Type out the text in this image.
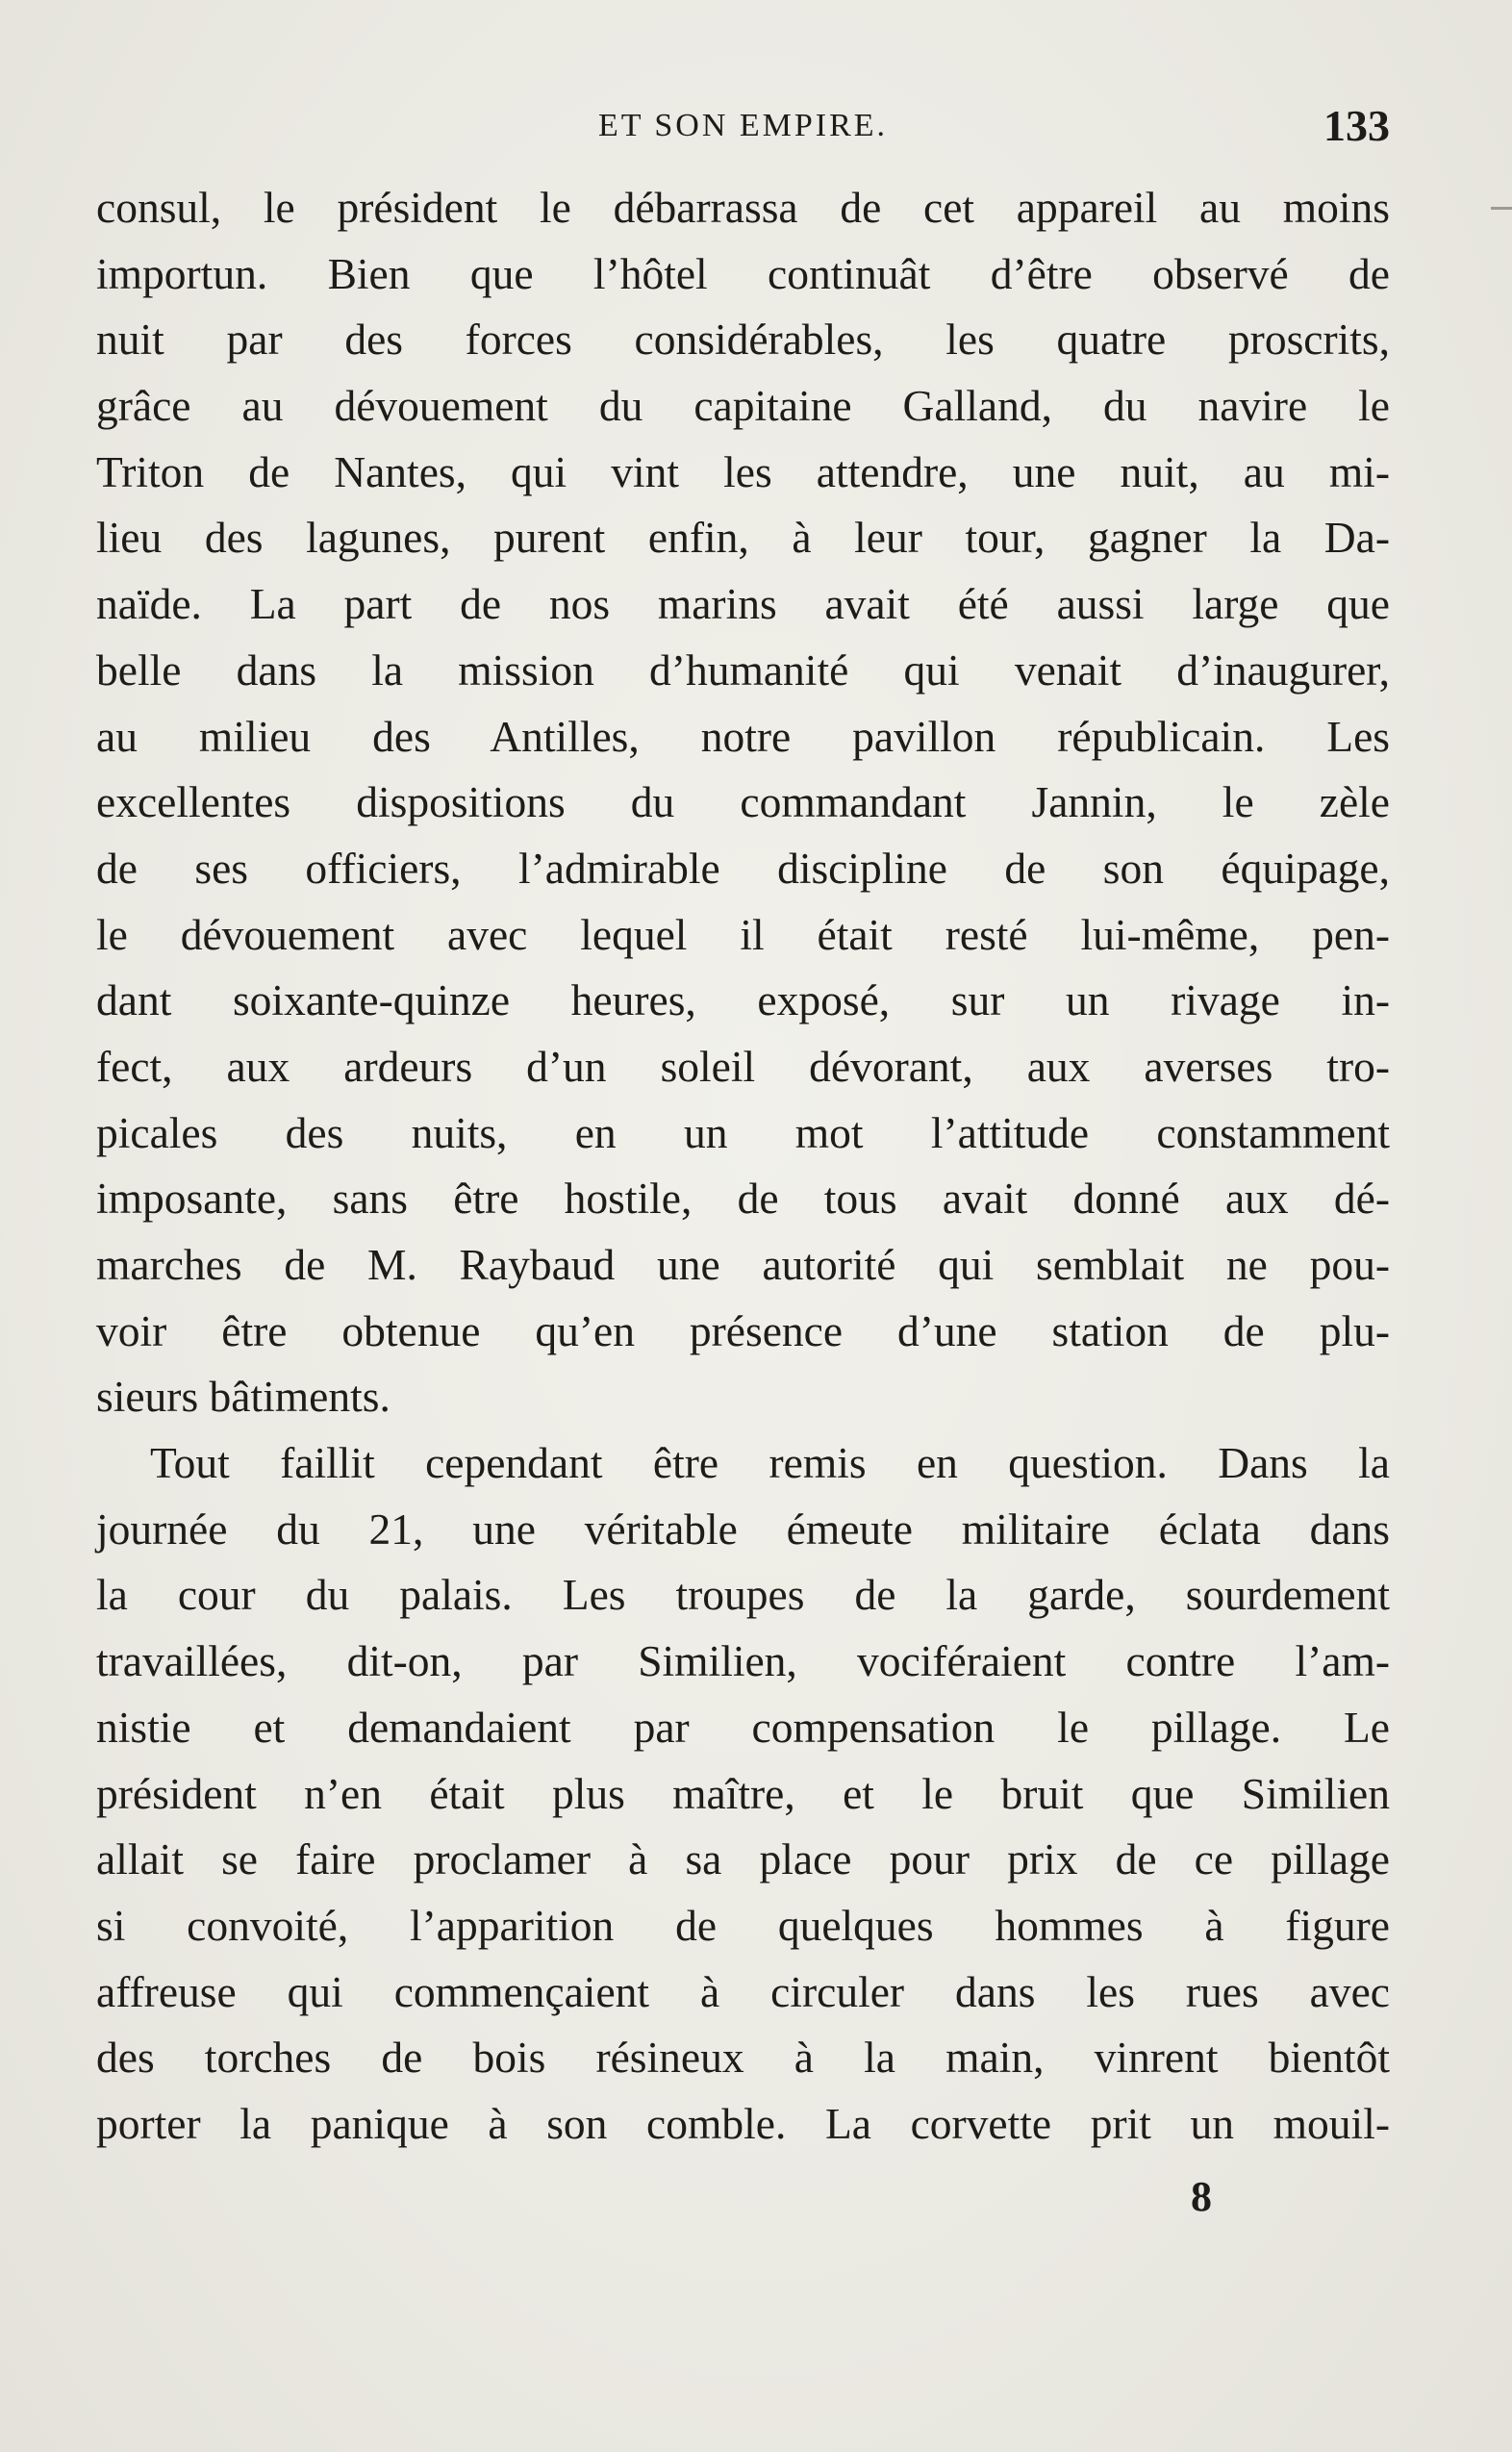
ET SON EMPIRE.	133
consul, le président le débarrassa de cet appareil au moins
importun. Bien que l’hôtel continuât d’être observé de
nuit par des forces considérables, les quatre proscrits,
grâce au dévouement du capitaine Galland, du navire le
Triton de Nantes, qui vint les attendre, une nuit, au mi-
lieu des lagunes, purent enfin, à leur tour, gagner la Da-
naïde. La part de nos marins avait été aussi large que
belle dans la mission d’humanité qui venait d’inaugurer,
au milieu des Antilles, notre pavillon républicain. Les
excellentes dispositions du commandant Jannin, le zèle
de ses officiers, l’admirable discipline de son équipage,
le dévouement avec lequel il était resté lui-même, pen-
dant soixante-quinze heures, exposé, sur un rivage in-
fect, aux ardeurs d’un soleil dévorant, aux averses tro-
picales des nuits, en un mot l’attitude constamment
imposante, sans être hostile, de tous avait donné aux dé-
marches de M. Raybaud une autorité qui semblait ne pou-
voir être obtenue qu’en présence d’une station de plu-
sieurs bâtiments.
Tout faillit cependant être remis en question. Dans la
journée du 21, une véritable émeute militaire éclata dans
la cour du palais. Les troupes de la garde, sourdement
travaillées, dit-on, par Similien, vociféraient contre l’am-
nistie et demandaient par compensation le pillage. Le
président n’en était plus maître, et le bruit que Similien
allait se faire proclamer à sa place pour prix de ce pillage
si convoité, l’apparition de quelques hommes à figure
affreuse qui commençaient à circuler dans les rues avec
des torches de bois résineux à la main, vinrent bientôt
porter la panique à son comble. La corvette prit un mouil-
8
